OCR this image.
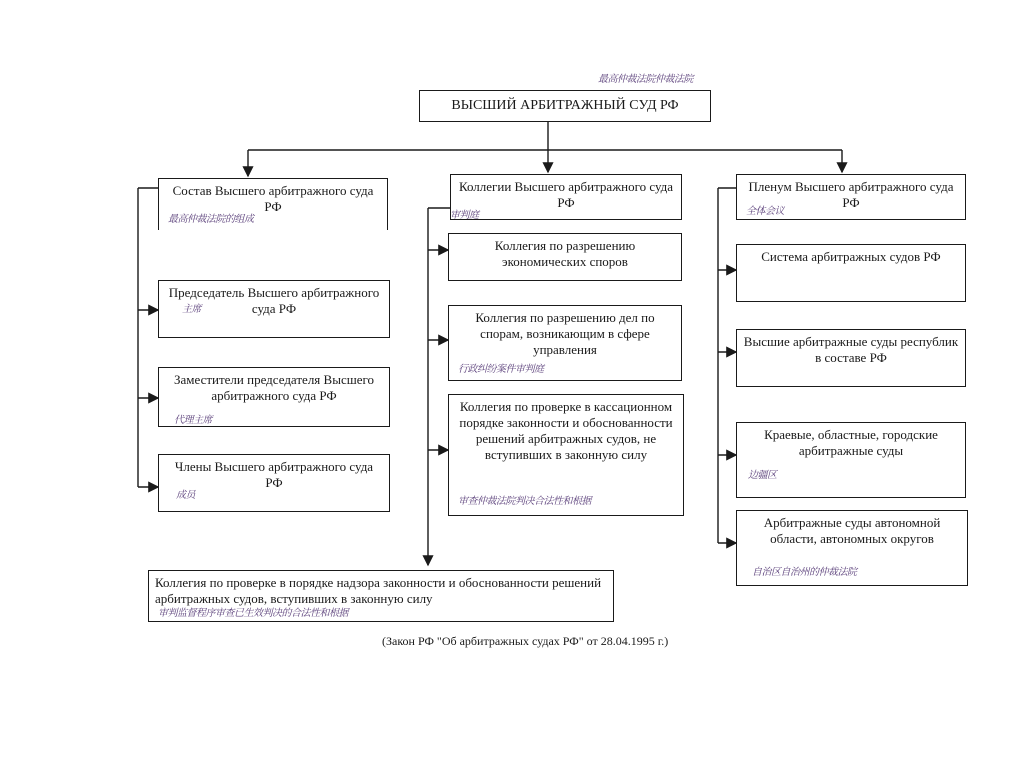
ВЫСШИЙ АРБИТРАЖНЫЙ СУД РФ
最高仲裁法院仲裁法院
Состав Высшего арбитражного суда РФ
最高仲裁法院的组成
Председатель Высшего арбитражного суда РФ
主席
Заместители председателя Высшего арбитражного суда РФ
代理主席
Члены Высшего арбитражного суда РФ
成员
Коллегии Высшего арбитражного суда РФ
审判庭
Коллегия по разрешению экономических споров
Коллегия по разрешению дел по спорам, возникающим в сфере управления
行政纠纷案件审判庭
Коллегия по проверке в кассационном порядке законности и обоснованности решений арбитражных судов, не вступивших в законную силу
审查仲裁法院判决合法性和根据
Пленум Высшего арбитражного суда РФ
全体会议
Система арбитражных судов РФ
Высшие арбитражные суды республик в составе РФ
Краевые, областные, городские арбитражные суды
边疆区
Арбитражные суды автономной области, автономных округов
自治区自治州的仲裁法院
Коллегия по проверке в порядке надзора законности и обоснованности решений арбитражных судов, вступивших в законную силу
审判监督程序审查已生效判决的合法性和根据
(Закон РФ "Об арбитражных судах РФ" от 28.04.1995 г.)
